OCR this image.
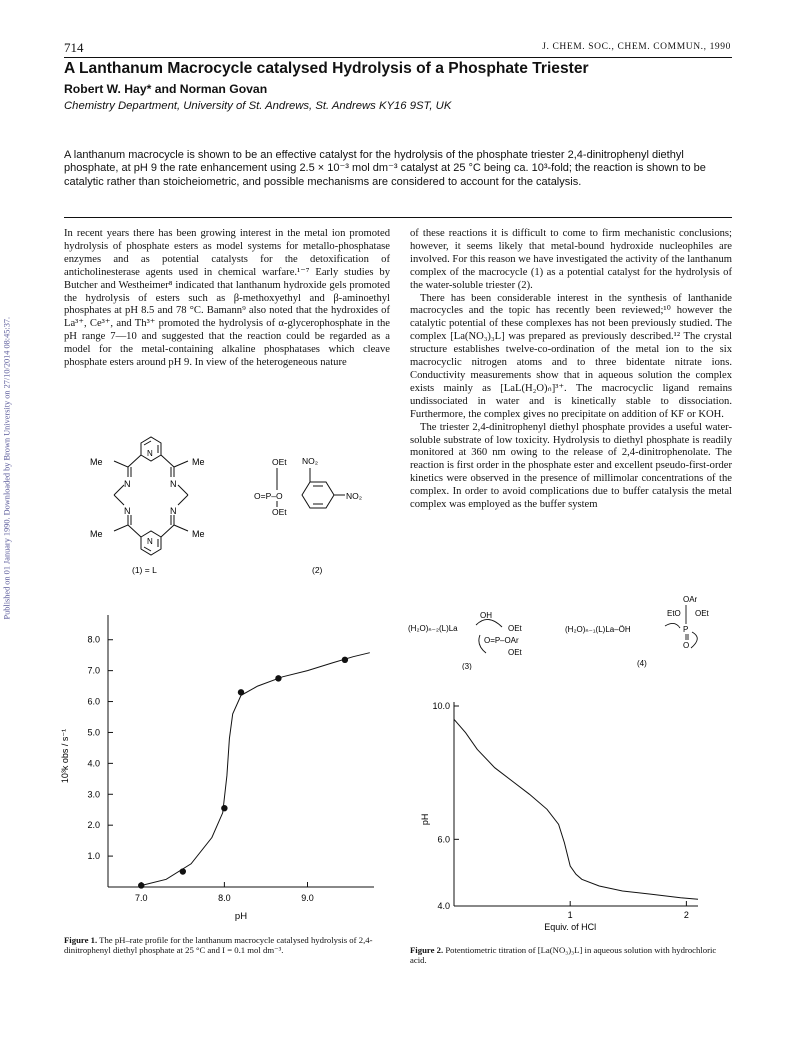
Published on 01 January 1990. Downloaded by Brown University on 27/10/2014 08:45:37.
714	J. CHEM. SOC., CHEM. COMMUN., 1990
A Lanthanum Macrocycle catalysed Hydrolysis of a Phosphate Triester
Robert W. Hay* and Norman Govan
Chemistry Department, University of St. Andrews, St. Andrews KY16 9ST, UK
A lanthanum macrocycle is shown to be an effective catalyst for the hydrolysis of the phosphate triester 2,4-dinitrophenyl diethyl phosphate, at pH 9 the rate enhancement using 2.5 × 10⁻³ mol dm⁻³ catalyst at 25 °C being ca. 10³-fold; the reaction is shown to be catalytic rather than stoicheiometric, and possible mechanisms are considered to account for the catalysis.

In recent years there has been growing interest in the metal ion promoted hydrolysis of phosphate esters as model systems for metallo-phosphatase enzymes and as potential catalysts for the detoxification of anticholinesterase agents used in chemical warfare.¹⁻⁷ Early studies by Butcher and Westheimer⁸ indicated that lanthanum hydroxide gels promoted the hydrolysis of esters such as β-methoxyethyl and β-aminoethyl phosphates at pH 8.5 and 78 °C. Bamann⁹ also noted that the hydroxides of La³⁺, Ce³⁺, and Th³⁺ promoted the hydrolysis of α-glycerophosphate in the pH range 7—10 and suggested that the reaction could be regarded as a model for the metal-containing alkaline phosphatases which cleave phosphate esters around pH 9. In view of the heterogeneous nature

of these reactions it is difficult to come to firm mechanistic conclusions; however, it seems likely that metal-bound hydroxide nucleophiles are involved. For this reason we have investigated the activity of the lanthanum complex of the macrocycle (1) as a potential catalyst for the hydrolysis of the water-soluble triester (2).

There has been considerable interest in the synthesis of lanthanide macrocycles and the topic has recently been reviewed;¹⁰ however the catalytic potential of these complexes has not been previously studied. The complex [La(NO₃)₃L] was prepared as previously described.¹² The crystal structure establishes twelve-co-ordination of the metal ion to the six macrocyclic nitrogen atoms and to three bidentate nitrate ions. Conductivity measurements show that in aqueous solution the complex exists mainly as [LaL(H₂O)ₙ]³⁺. The macrocyclic ligand remains undissociated in water and is kinetically stable to dissociation. Furthermore, the complex gives no precipitate on addition of KF or KOH.

The triester 2,4-dinitrophenyl diethyl phosphate provides a useful water-soluble substrate of low toxicity. Hydrolysis to diethyl phosphate is readily monitored at 360 nm owing to the release of 2,4-dinitrophenolate. The reaction is first order in the phosphate ester and excellent pseudo-first-order kinetics were observed in the presence of millimolar concentrations of the complex. In order to avoid complications due to buffer catalysis the metal complex was employed as the buffer system

Me	Me
N	N
N	N
N
N
Me	Me
(1) = L
OEt NO₂
O=P–O
OEt
NO₂
(2)
(H₂O)ₙ₋₂(L)La
OH
OEt
O=P –OAr
OEt
(3)
(H₂O)ₙ₋₁(L)La–ÖH
OAr
EtO OEt
P
O
(4)
1.0
2.0
3.0
4.0
5.0
6.0
7.0
8.0
7.0	8.0	9.0
pH
10³k obs / s⁻¹
Figure 1. The pH–rate profile for the lanthanum macrocycle catalysed hydrolysis of 2,4-dinitrophenyl diethyl phosphate at 25 °C and I = 0.1 mol dm⁻³.
4.0
6.0
10.0
1	2
Equiv. of HCl
pH
Figure 2. Potentiometric titration of [La(NO₃)₃L] in aqueous solution with hydrochloric acid.
